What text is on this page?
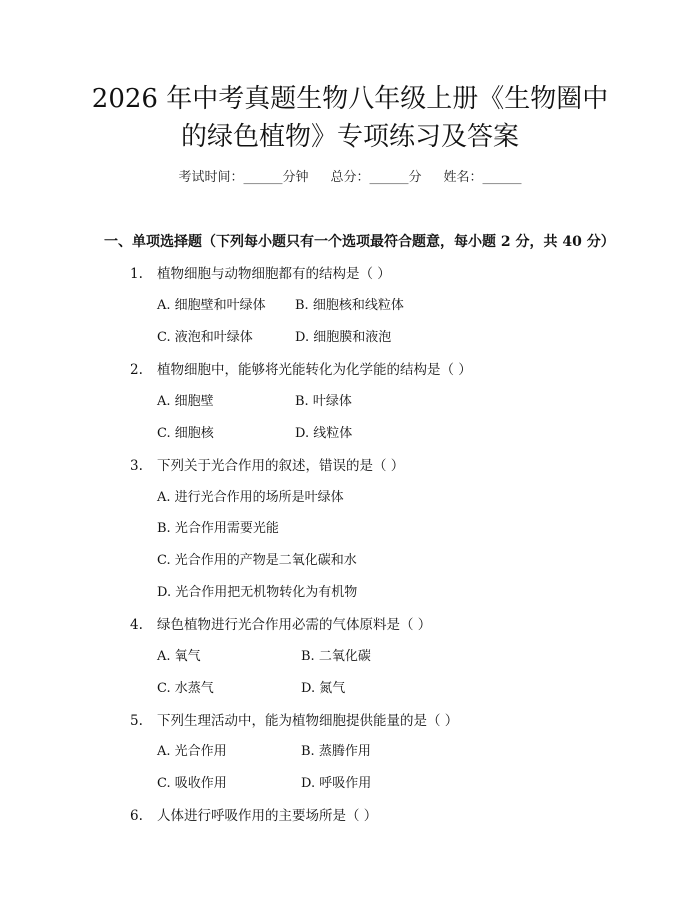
2026 年中考真题生物八年级上册《生物圈中
的绿色植物》专项练习及答案
考试时间：______分钟 总分：______分 姓名：______
一、单项选择题（下列每小题只有一个选项最符合题意，每小题 2 分，共 40 分）
1. 植物细胞与动物细胞都有的结构是（ ）
A. 细胞壁和叶绿体 B. 细胞核和线粒体
C. 液泡和叶绿体	D. 细胞膜和液泡
2. 植物细胞中，能够将光能转化为化学能的结构是（ ）
A. 细胞壁	B. 叶绿体
C. 细胞核	D. 线粒体
3. 下列关于光合作用的叙述，错误的是（ ）
A. 进行光合作用的场所是叶绿体
B. 光合作用需要光能
C. 光合作用的产物是二氧化碳和水
D. 光合作用把无机物转化为有机物
4. 绿色植物进行光合作用必需的气体原料是（ ）
A. 氧气	B. 二氧化碳
C. 水蒸气	D. 氮气
5. 下列生理活动中，能为植物细胞提供能量的是（ ）
A. 光合作用	B. 蒸腾作用
C. 吸收作用	D. 呼吸作用
6. 人体进行呼吸作用的主要场所是（ ）
